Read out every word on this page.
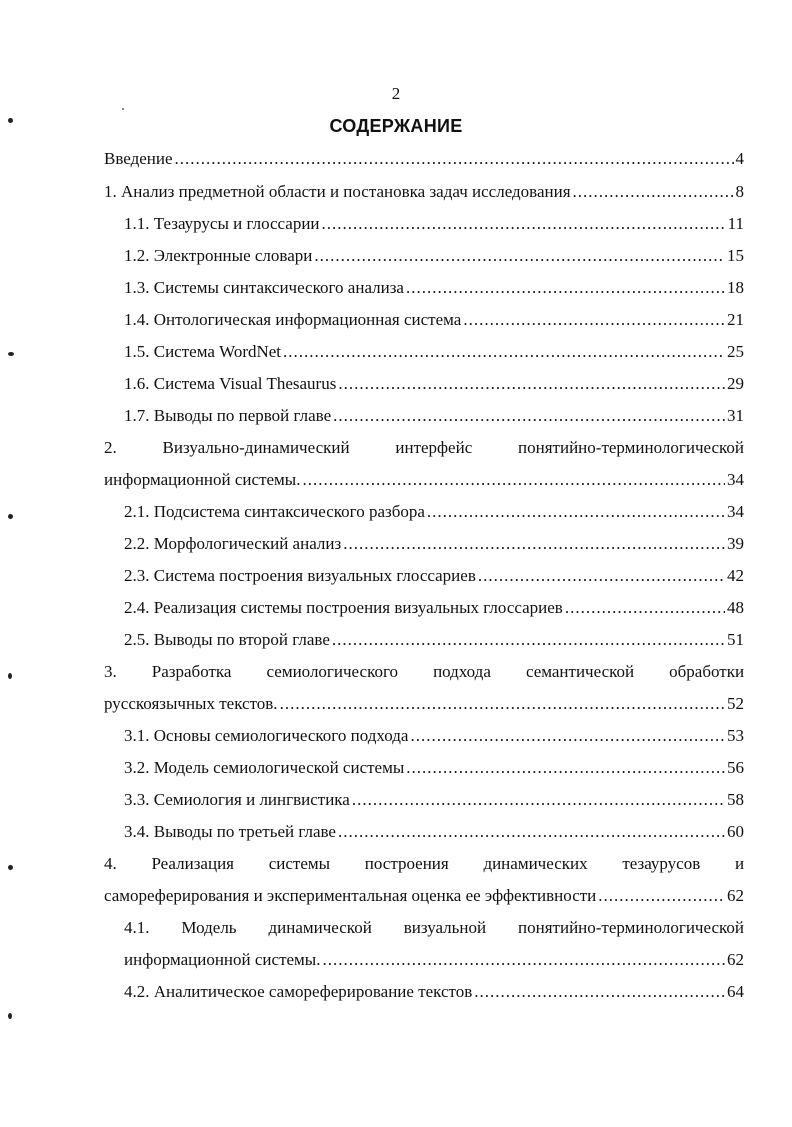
2
СОДЕРЖАНИЕ
Введение .....	4
1. Анализ предметной области и постановка задач исследования .....	8
1.1. Тезаурусы и глоссарии .....	11
1.2. Электронные словари .....	15
1.3. Системы синтаксического анализа .....	18
1.4. Онтологическая информационная система .....	21
1.5. Система WordNet .....	25
1.6. Система Visual Thesaurus .....	29
1.7. Выводы по первой главе .....	31
2.	Визуально-динамический	интерфейс	понятийно-терминологической
информационной системы. .....	34
2.1. Подсистема синтаксического разбора .....	34
2.2. Морфологический анализ .....	39
2.3. Система построения визуальных глоссариев .....	42
2.4. Реализация системы построения визуальных глоссариев .....	48
2.5. Выводы по второй главе .....	51
3. Разработка семиологического подхода семантической обработки
русскоязычных текстов. .....	52
3.1. Основы семиологического подхода .....	53
3.2. Модель семиологической системы .....	56
3.3. Семиология и лингвистика .....	58
3.4. Выводы по третьей главе .....	60
4. Реализация системы построения динамических тезаурусов и
самореферирования и экспериментальная оценка ее эффективности .....	62
4.1. Модель динамической визуальной понятийно-терминологической
информационной системы. .....	62
4.2. Аналитическое самореферирование текстов .....	64
